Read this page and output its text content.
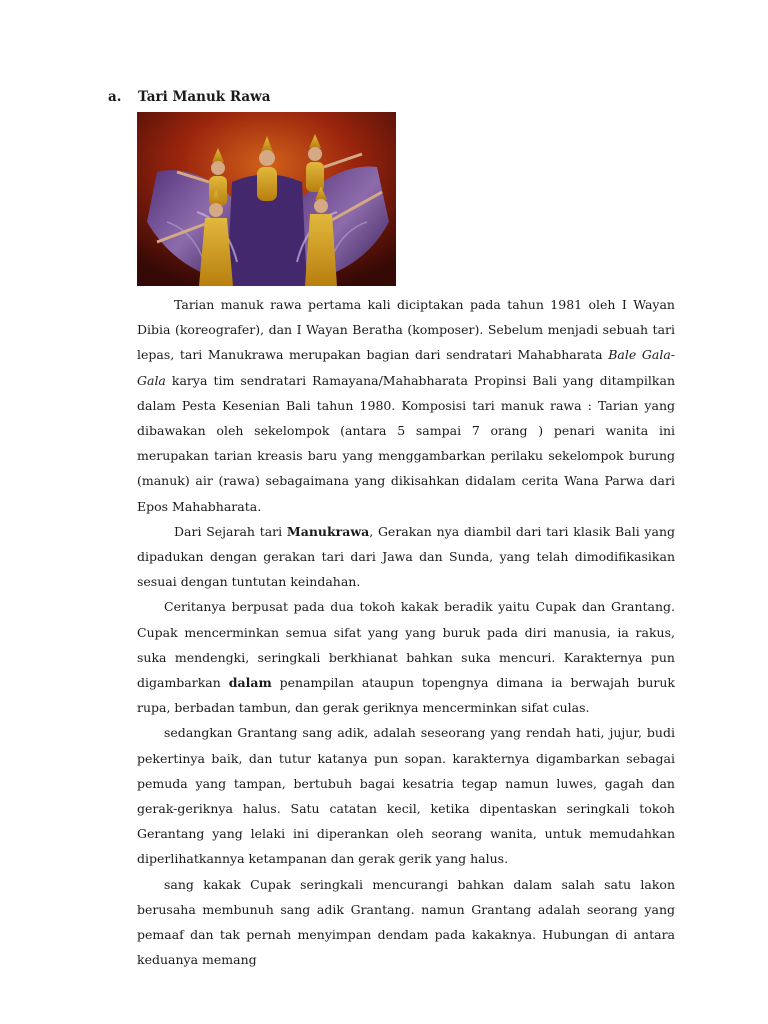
a. Tari Manuk Rawa

Tarian manuk rawa pertama kali diciptakan pada tahun 1981 oleh I Wayan Dibia (koreografer), dan I Wayan Beratha (komposer). Sebelum menjadi sebuah tari lepas, tari Manukrawa merupakan bagian dari sendratari Mahabharata Bale Gala-Gala karya tim sendratari Ramayana/Mahabharata Propinsi Bali yang ditampilkan dalam Pesta Kesenian Bali tahun 1980. Komposisi tari manuk rawa : Tarian yang dibawakan oleh sekelompok (antara 5 sampai 7 orang ) penari wanita ini merupakan tarian kreasis baru yang menggambarkan perilaku sekelompok burung (manuk) air (rawa) sebagaimana yang dikisahkan didalam cerita Wana Parwa dari Epos Mahabharata.

Dari Sejarah tari Manukrawa, Gerakan nya diambil dari tari klasik Bali yang dipadukan dengan gerakan tari dari Jawa dan Sunda, yang telah dimodifikasikan sesuai dengan tuntutan keindahan.

Ceritanya berpusat pada dua tokoh kakak beradik yaitu Cupak dan Grantang. Cupak mencerminkan semua sifat yang yang buruk pada diri manusia, ia rakus, suka mendengki, seringkali berkhianat bahkan suka mencuri. Karakternya pun digambarkan dalam penampilan ataupun topengnya dimana ia berwajah buruk rupa, berbadan tambun, dan gerak geriknya mencerminkan sifat culas.

sedangkan Grantang sang adik, adalah seseorang yang rendah hati, jujur, budi pekertinya baik, dan tutur katanya pun sopan. karakternya digambarkan sebagai pemuda yang tampan, bertubuh bagai kesatria tegap namun luwes, gagah dan gerak-geriknya halus. Satu catatan kecil, ketika dipentaskan seringkali tokoh Gerantang yang lelaki ini diperankan oleh seorang wanita, untuk memudahkan diperlihatkannya ketampanan dan gerak gerik yang halus.

sang kakak Cupak seringkali mencurangi bahkan dalam salah satu lakon berusaha membunuh sang adik Grantang. namun Grantang adalah seorang yang pemaaf dan tak pernah menyimpan dendam pada kakaknya. Hubungan di antara keduanya memang
